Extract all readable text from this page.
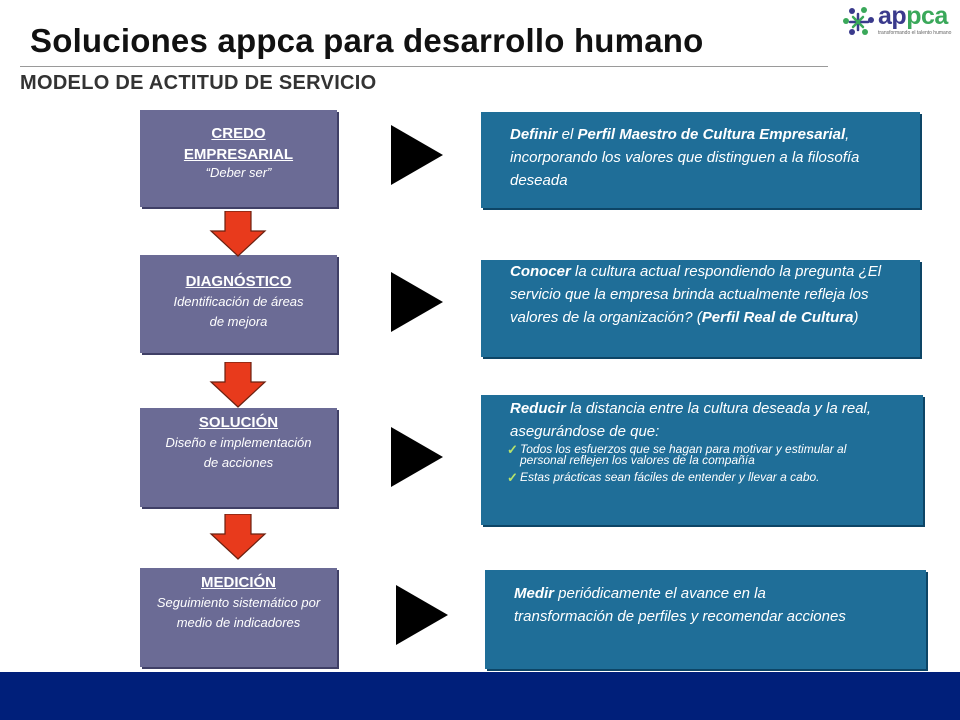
Soluciones appca para desarrollo humano
MODELO DE ACTITUD DE SERVICIO
appca
transformando el talento humano
CREDO EMPRESARIAL
“Deber ser”
DIAGNÓSTICO
Identificación de áreas de mejora
SOLUCIÓN
Diseño e implementación de acciones
MEDICIÓN
Seguimiento sistemático por medio de indicadores
Definir el Perfil Maestro de Cultura Empresarial, incorporando los valores que distinguen a la filosofía deseada
Conocer la cultura actual respondiendo la pregunta ¿El servicio que la empresa brinda actualmente refleja los valores de la organización? (Perfil Real de Cultura)
Reducir la distancia entre la cultura deseada y la real, asegurándose de que:
✓ Todos los esfuerzos que se hagan para motivar y estimular al personal reflejen los valores de la compañía
✓ Estas prácticas sean fáciles de entender y llevar a cabo.
Medir periódicamente el avance en la transformación de perfiles y recomendar acciones
